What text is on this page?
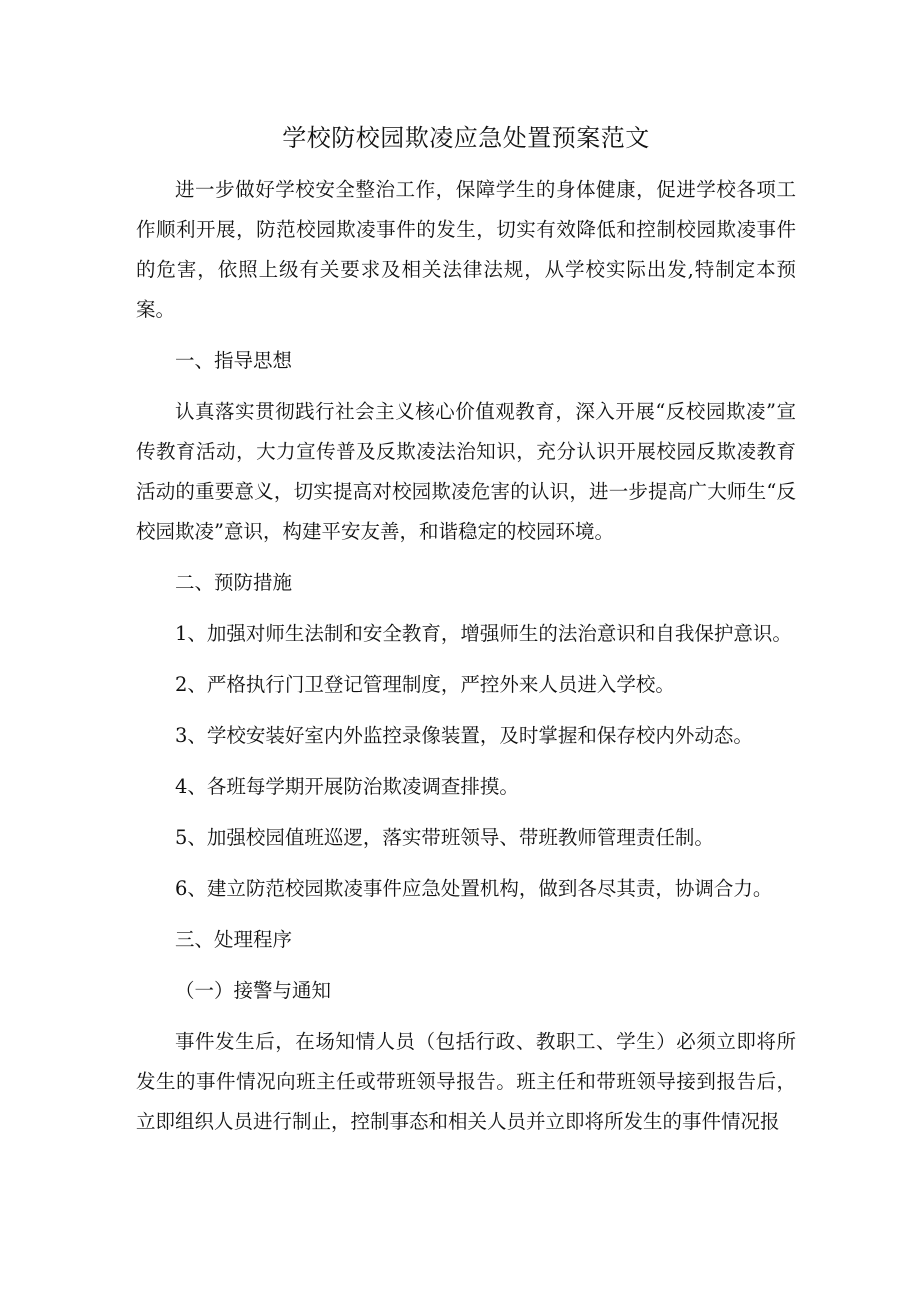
学校防校园欺凌应急处置预案范文

进一步做好学校安全整治工作，保障学生的身体健康，促进学校各项工作顺利开展，防范校园欺凌事件的发生，切实有效降低和控制校园欺凌事件的危害，依照上级有关要求及相关法律法规，从学校实际出发,特制定本预案。

一、指导思想

认真落实贯彻践行社会主义核心价值观教育，深入开展“反校园欺凌”宣传教育活动，大力宣传普及反欺凌法治知识，充分认识开展校园反欺凌教育活动的重要意义，切实提高对校园欺凌危害的认识，进一步提高广大师生“反校园欺凌”意识，构建平安友善，和谐稳定的校园环境。

二、预防措施

1、加强对师生法制和安全教育，增强师生的法治意识和自我保护意识。

2、严格执行门卫登记管理制度，严控外来人员进入学校。

3、学校安装好室内外监控录像装置，及时掌握和保存校内外动态。

4、各班每学期开展防治欺凌调查排摸。

5、加强校园值班巡逻，落实带班领导、带班教师管理责任制。

6、建立防范校园欺凌事件应急处置机构，做到各尽其责，协调合力。

三、处理程序

（一）接警与通知

事件发生后，在场知情人员（包括行政、教职工、学生）必须立即将所发生的事件情况向班主任或带班领导报告。班主任和带班领导接到报告后，立即组织人员进行制止，控制事态和相关人员并立即将所发生的事件情况报
